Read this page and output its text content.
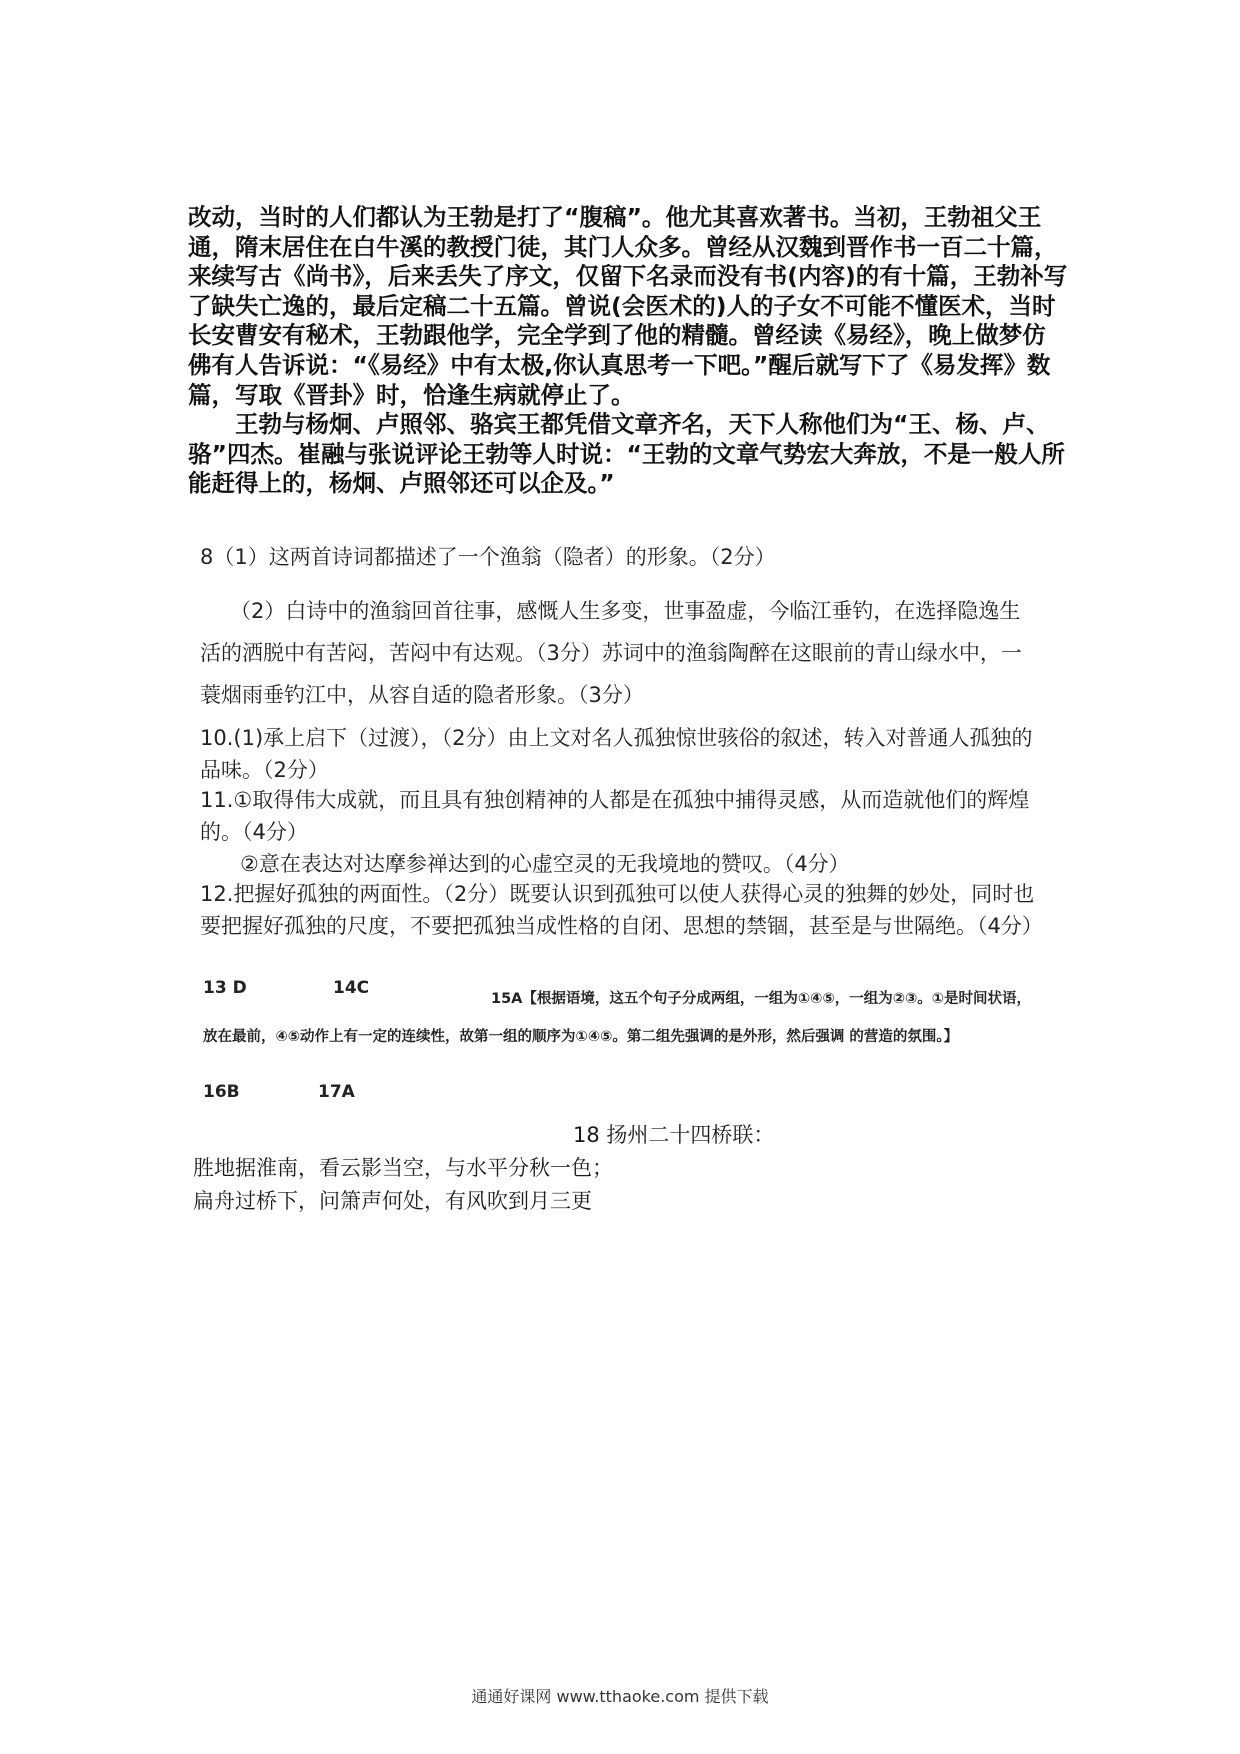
改动，当时的人们都认为王勃是打了“腹稿”。他尤其喜欢著书。当初，王勃祖父王通，隋末居住在白牛溪的教授门徒，其门人众多。曾经从汉魏到晋作书一百二十篇，来续写古《尚书》，后来丢失了序文，仅留下名录而没有书(内容)的有十篇，王勃补写了缺失亡逸的，最后定稿二十五篇。曾说(会医术的)人的子女不可能不懂医术，当时长安曹安有秘术，王勃跟他学，完全学到了他的精髓。曾经读《易经》，晚上做梦仿佛有人告诉说：“《易经》中有太极,你认真思考一下吧。”醒后就写下了《易发挥》数篇，写取《晋卦》时，恰逢生病就停止了。

王勃与杨炯、卢照邻、骆宾王都凭借文章齐名，天下人称他们为“王、杨、卢、骆”四杰。崔融与张说评论王勃等人时说：“王勃的文章气势宏大奔放，不是一般人所能赶得上的，杨炯、卢照邻还可以企及。”

8（1）这两首诗词都描述了一个渔翁（隐者）的形象。（2分）

（2）白诗中的渔翁回首往事，感慨人生多变，世事盈虚，今临江垂钓，在选择隐逸生活的洒脱中有苦闷，苦闷中有达观。（3分）苏词中的渔翁陶醉在这眼前的青山绿水中，一蓑烟雨垂钓江中，从容自适的隐者形象。（3分）

10.(1)承上启下（过渡），（2分）由上文对名人孤独惊世骇俗的叙述，转入对普通人孤独的品味。（2分）

11.①取得伟大成就，而且具有独创精神的人都是在孤独中捕得灵感，从而造就他们的辉煌的。（4分）

②意在表达对达摩参禅达到的心虚空灵的无我境地的赞叹。（4分）

12.把握好孤独的两面性。（2分）既要认识到孤独可以使人获得心灵的独舞的妙处，同时也要把握好孤独的尺度，不要把孤独当成性格的自闭、思想的禁锢，甚至是与世隔绝。（4分）

13 D	14C
15A【根据语境，这五个句子分成两组，一组为①④⑤，一组为②③。①是时间状语，放在最前，④⑤动作上有一定的连续性，故第一组的顺序为①④⑤。第二组先强调的是外形，然后强调 的营造的氛围。】
16B	17A
18 扬州二十四桥联：
胜地据淮南，看云影当空，与水平分秋一色；
扁舟过桥下，问箫声何处，有风吹到月三更
通通好课网 www.tthaoke.com 提供下载
